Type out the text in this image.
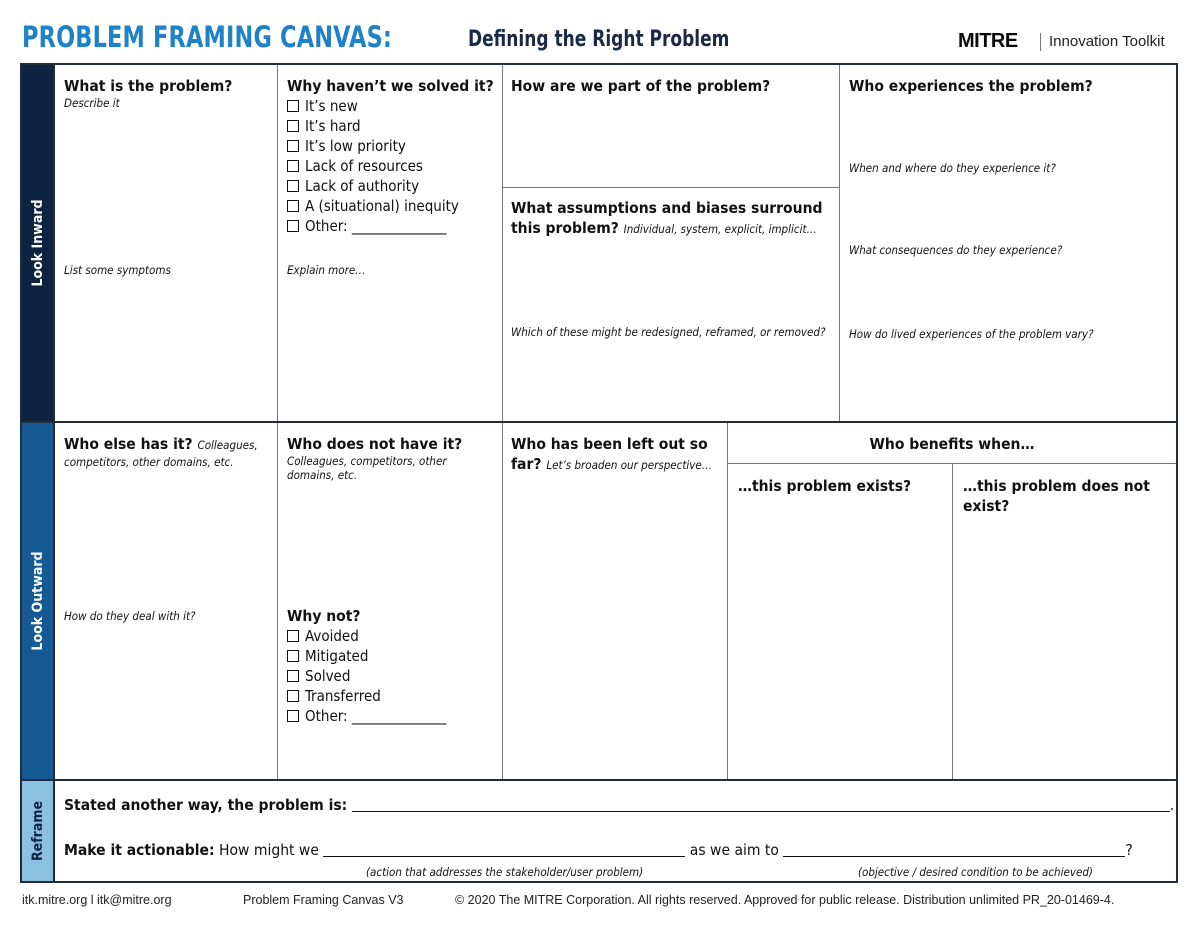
PROBLEM FRAMING CANVAS:	Defining the Right Problem	MITRE Innovation Toolkit
Look Inward
Look Outward
Reframe
What is the problem?
Describe it
List some symptoms
Why haven’t we solved it?
It’s new
It’s hard
It’s low priority
Lack of resources
Lack of authority
A (situational) inequity
Other: ______________
Explain more…
How are we part of the problem?
What assumptions and biases surround
this problem? Individual, system, explicit, implicit…
Which of these might be redesigned, reframed, or removed?
Who experiences the problem?
When and where do they experience it?
What consequences do they experience?
How do lived experiences of the problem vary?
Who else has it? Colleagues,
competitors, other domains, etc.
How do they deal with it?
Who does not have it?
Colleagues, competitors, other
domains, etc.
Why not?
Avoided
Mitigated
Solved
Transferred
Other: ______________
Who has been left out so
far? Let’s broaden our perspective…
Who benefits when…
…this problem exists?	…this problem does not
exist?
Stated another way, the problem is:	.
Make it actionable: How might we	as we aim to	?
(action that addresses the stakeholder/user problem)	(objective / desired condition to be achieved)
itk.mitre.org l itk@mitre.org	Problem Framing Canvas V3	© 2020 The MITRE Corporation. All rights reserved. Approved for public release. Distribution unlimited PR_20-01469-4.
